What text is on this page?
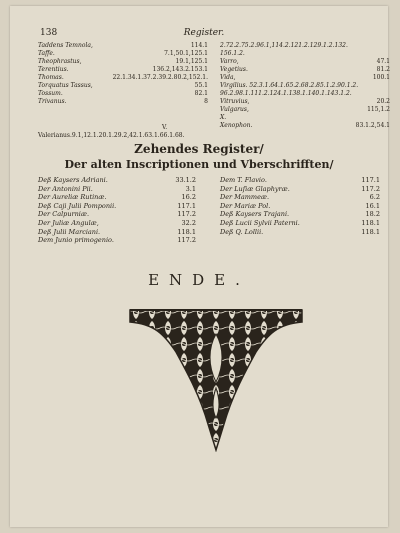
138	Register.
Taddens Temnola,	114.1
Taffe.	7.1,50.1,125.1
Theophrastus,	19.1,125.1
Terentius.	136.2,143.2.153.1
Thomas.	22.1.34.1.37.2.39.2.80.2,152.1.
Torquatus Tassus,	55.1
Tossum.	82.1
Trivanus.	8
2.72.2.75.2.96.1,114.2.121.2.129.1.2.132.
156.1.2.
Varro,	47.1
Vegetius.	81.2
Vida,	100.1
Virgilius. 52.3.1.64.1.65.2.68.2.85.1.2.90.1.2.
96.2.98.1.111.2.124.1.138.1.140.1.143.1.2.
Vitruvius,	20.2
Vulgarus,	115,1.2
X.
Xenophon.	83.1.2,54.1
V.
Valerianus.9.1,12.1.20.1.29.2,42.1.63.1.66.1.68.
Zehendes Register/
Der alten Inscriptionen und Vberschrifften/
Deß Kaysers Adriani.	33.1.2
Der Antonini Pii.	3.1
Der Aureliæ Rutinæ.	16.2
Deß Caji Julii Pomponii.	117.1
Der Calpurniæ.	117.2
Der Juliæ Angulæ,	32.2
Deß Julii Marciani.	118.1
Dem Junio primogenio.	117.2
Dem T. Flavio.	117.1
Der Luſiæ Glaphyræ.	117.2
Der Mammeæ.	6.2
Der Mariæ Pol.	16.1
Deß Kaysers Trajani.	18.2
Deß Lucii Sylvii Paterni.	118.1
Deß Q. Lollii.	118.1
ENDE.
